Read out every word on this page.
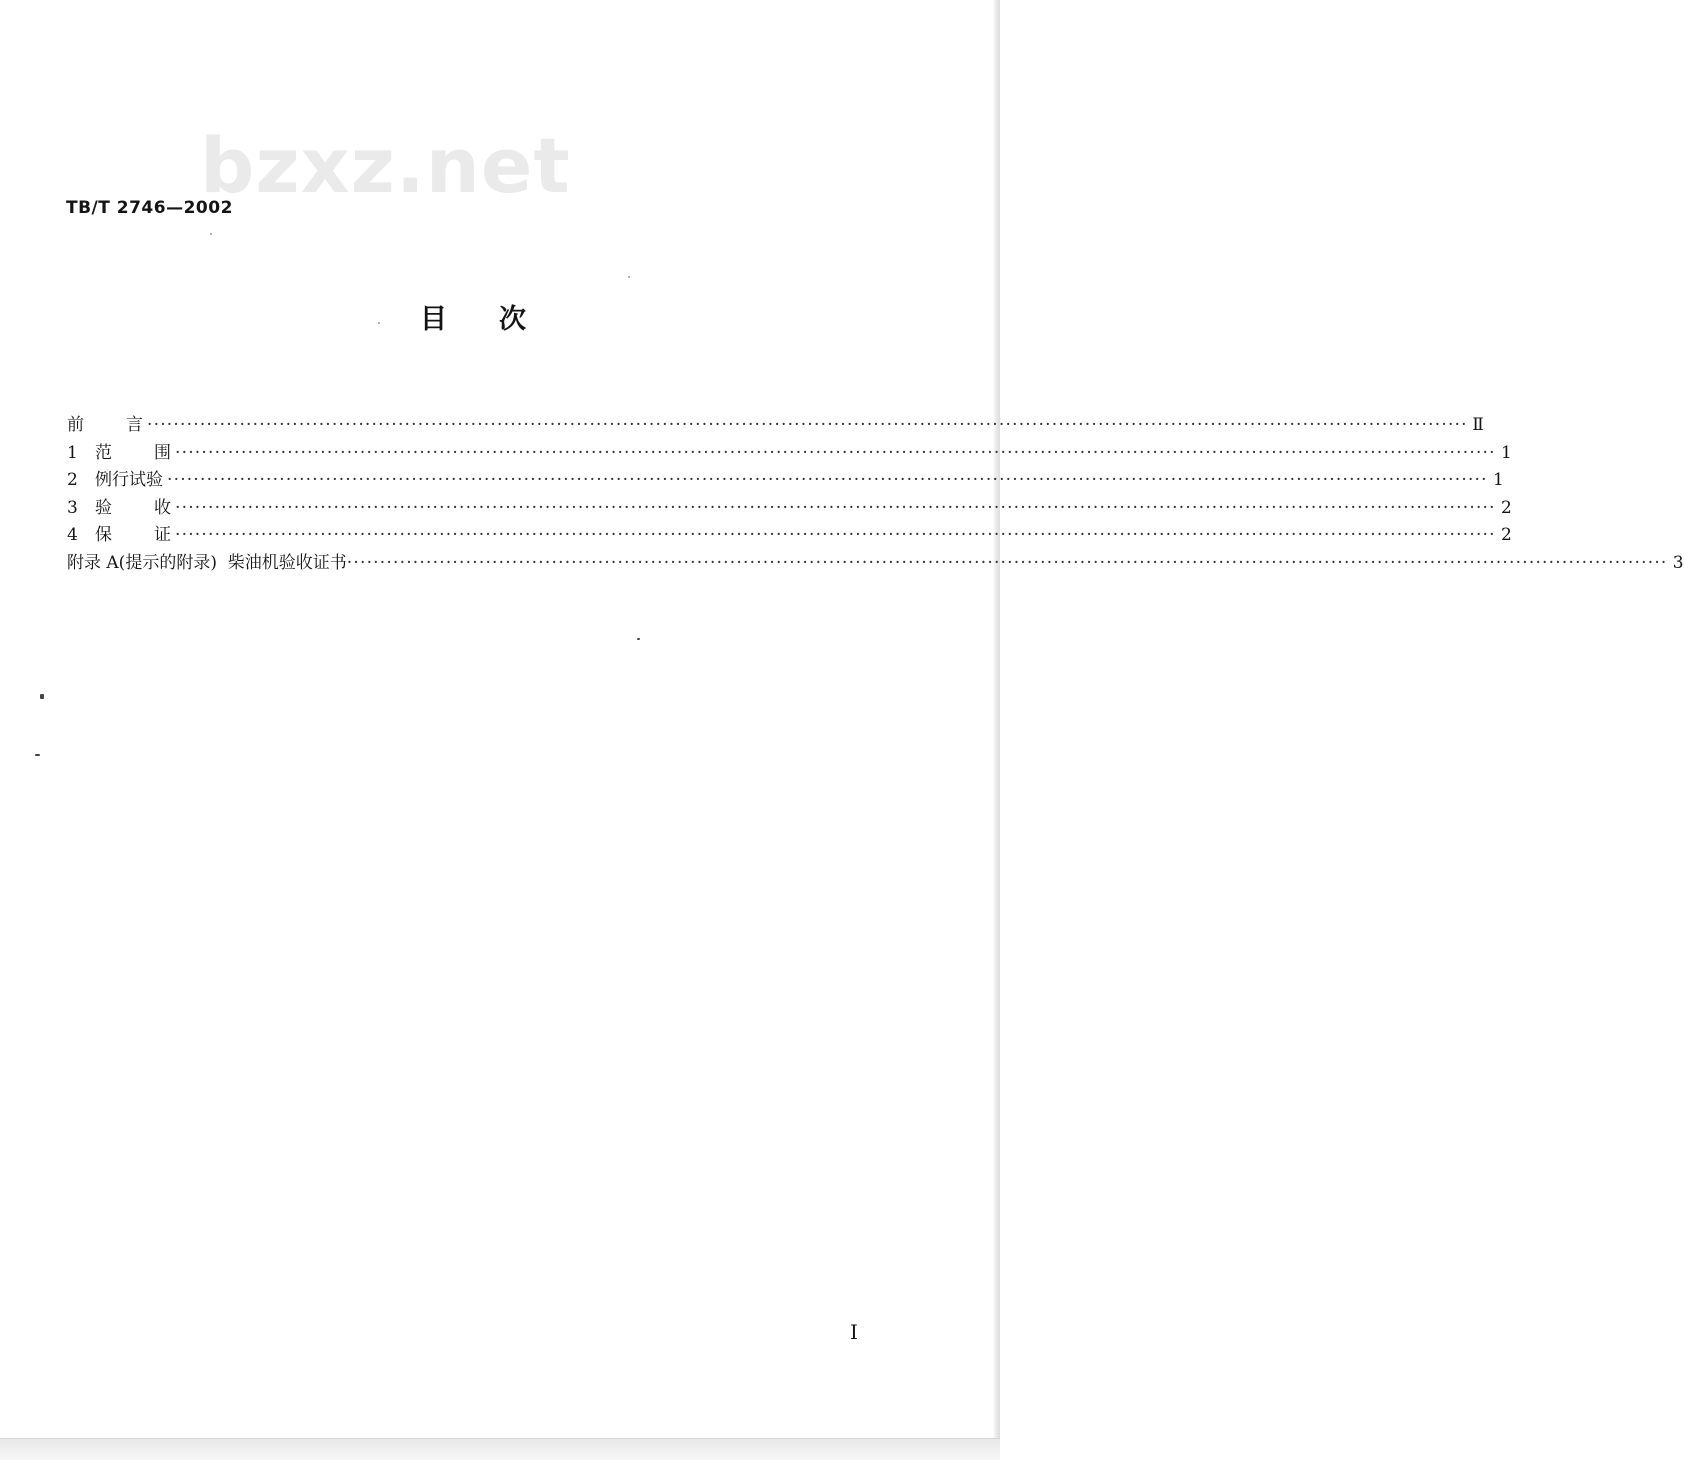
bzxz.net
TB/T 2746—2002
目 次
前 言 ········································································································································································································ Ⅱ
1	范 围 ········································································································································································································ 1
2	例行试验 ········································································································································································································ 1
3	验 收 ········································································································································································································ 2
4	保 证 ········································································································································································································ 2
附录 A(提示的附录)  柴油机验收证书 ········································································································································································································ 3
Ⅰ
